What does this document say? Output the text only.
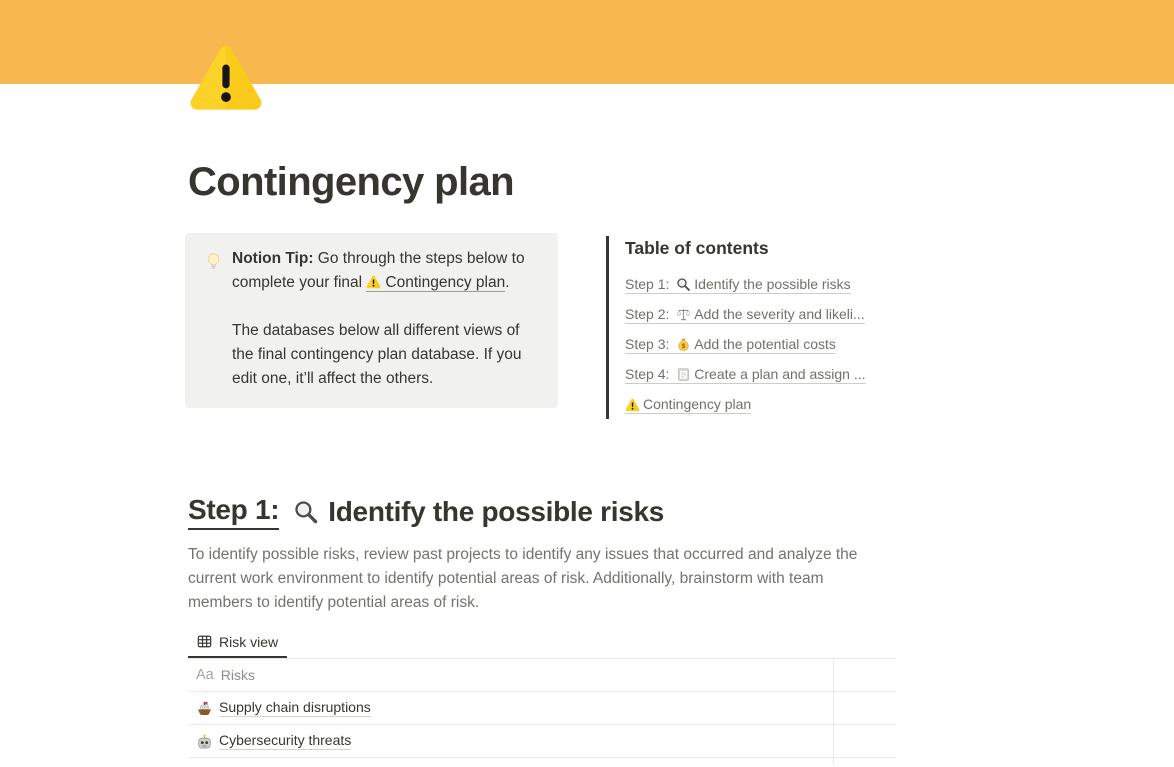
Contingency plan

Notion Tip: Go through the steps below to complete your final Contingency plan.

The databases below all different views of the final contingency plan database. If you edit one, it’ll affect the others.

Table of contents
Step 1: Identify the possible risks
Step 2: Add the severity and likeli...
Step 3: Add the potential costs
Step 4: Create a plan and assign ...
Contingency plan
Step 1: Identify the possible risks

To identify possible risks, review past projects to identify any issues that occurred and analyze the current work environment to identify potential areas of risk. Additionally, brainstorm with team members to identify potential areas of risk.

Risk view
Aa Risks
Supply chain disruptions
Cybersecurity threats
